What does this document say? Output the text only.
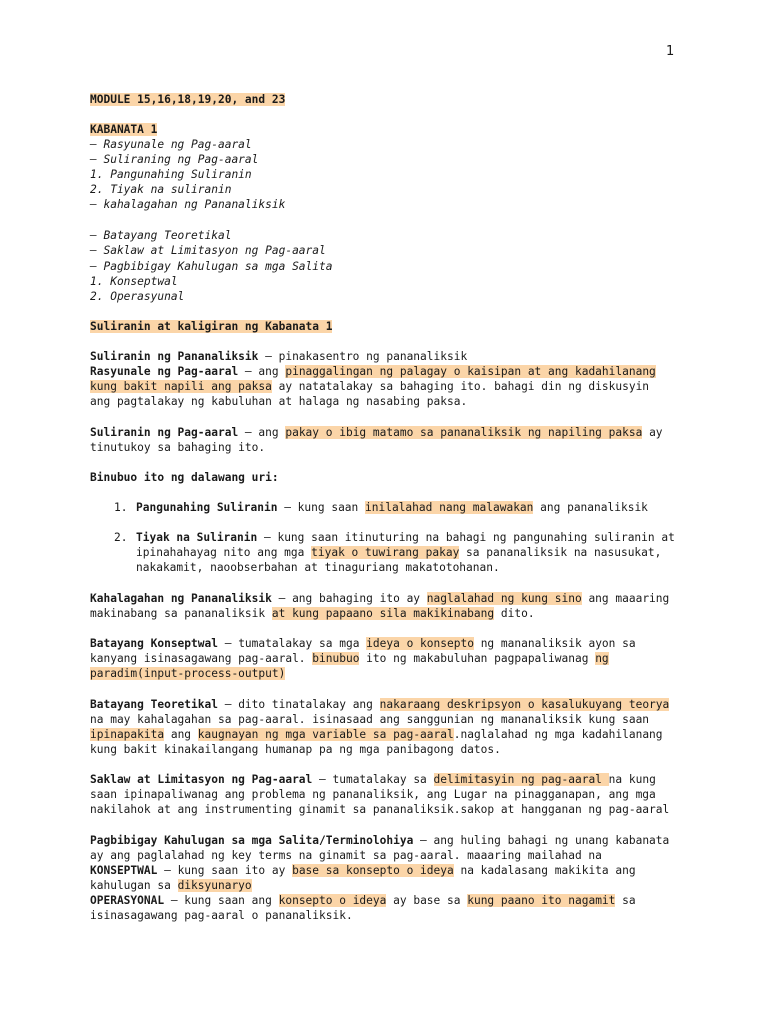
1
MODULE 15,16,18,19,20, and 23
KABANATA 1
– Rasyunale ng Pag-aaral
– Suliraning ng Pag-aaral
1. Pangunahing Suliranin
2. Tiyak na suliranin
– kahalagahan ng Pananaliksik
– Batayang Teoretikal
– Saklaw at Limitasyon ng Pag-aaral
– Pagbibigay Kahulugan sa mga Salita
1. Konseptwal
2. Operasyunal
Suliranin at kaligiran ng Kabanata 1
Suliranin ng Pananaliksik – pinakasentro ng pananaliksik
Rasyunale ng Pag-aaral – ang pinaggalingan ng palagay o kaisipan at ang kadahilanang
kung bakit napili ang paksa ay natatalakay sa bahaging ito. bahagi din ng diskusyin
ang pagtalakay ng kabuluhan at halaga ng nasabing paksa.
Suliranin ng Pag-aaral – ang pakay o ibig matamo sa pananaliksik ng napiling paksa ay
tinutukoy sa bahaging ito.
Binubuo ito ng dalawang uri:
1. Pangunahing Suliranin – kung saan inilalahad nang malawakan ang pananaliksik
2. Tiyak na Suliranin – kung saan itinuturing na bahagi ng pangunahing suliranin at
ipinahahayag nito ang mga tiyak o tuwirang pakay sa pananaliksik na nasusukat,
nakakamit, naoobserbahan at tinaguriang makatotohanan.
Kahalagahan ng Pananaliksik – ang bahaging ito ay naglalahad ng kung sino ang maaaring
makinabang sa pananaliksik at kung papaano sila makikinabang dito.
Batayang Konseptwal – tumatalakay sa mga ideya o konsepto ng mananaliksik ayon sa
kanyang isinasagawang pag-aaral. binubuo ito ng makabuluhan pagpapaliwanag ng
paradim(input-process-output)
Batayang Teoretikal – dito tinatalakay ang nakaraang deskripsyon o kasalukuyang teorya
na may kahalagahan sa pag-aaral. isinasaad ang sanggunian ng mananaliksik kung saan
ipinapakita ang kaugnayan ng mga variable sa pag-aaral.naglalahad ng mga kadahilanang
kung bakit kinakailangang humanap pa ng mga panibagong datos.
Saklaw at Limitasyon ng Pag-aaral – tumatalakay sa delimitasyin ng pag-aaral na kung
saan ipinapaliwanag ang problema ng pananaliksik, ang Lugar na pinagganapan, ang mga
nakilahok at ang instrumenting ginamit sa pananaliksik.sakop at hangganan ng pag-aaral
Pagbibigay Kahulugan sa mga Salita/Terminolohiya – ang huling bahagi ng unang kabanata
ay ang paglalahad ng key terms na ginamit sa pag-aaral. maaaring mailahad na
KONSEPTWAL – kung saan ito ay base sa konsepto o ideya na kadalasang makikita ang
kahulugan sa diksyunaryo
OPERASYONAL – kung saan ang konsepto o ideya ay base sa kung paano ito nagamit sa
isinasagawang pag-aaral o pananaliksik.
